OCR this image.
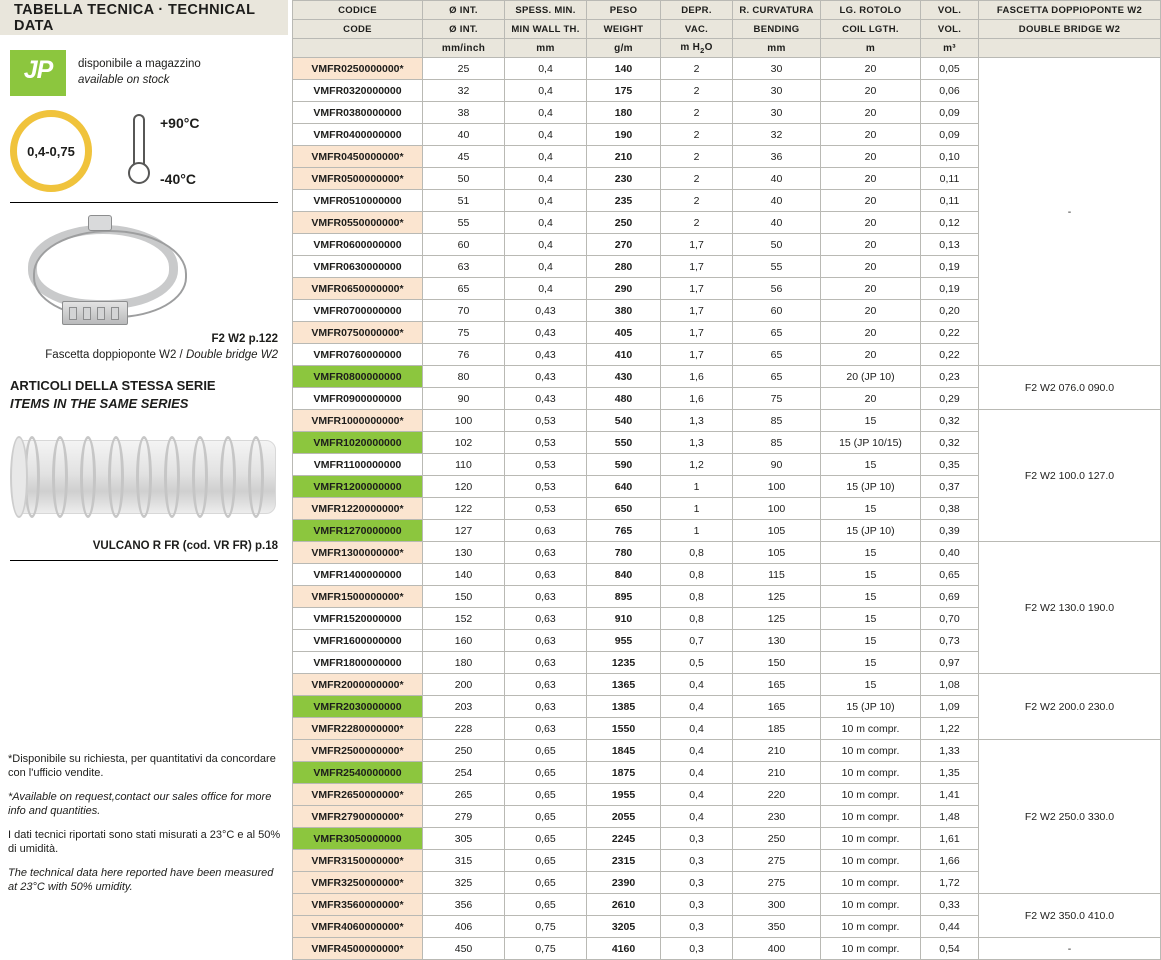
TABELLA TECNICA · TECHNICAL DATA
JP	disponibile a magazzino
available on stock
0,4-0,75
+90°C
-40°C
F2 W2 p.122
Fascetta doppioponte W2 / Double bridge W2
ARTICOLI DELLA STESSA SERIE
ITEMS IN THE SAME SERIES
VULCANO R FR (cod. VR FR) p.18

*Disponibile su richiesta, per quantitativi da concordare con l'ufficio vendite.

*Available on request,contact our sales office for more info and quantities.

I dati tecnici riportati sono stati misurati a 23°C e al 50% di umidità.

The technical data here reported have been measured at 23°C with 50% umidity.

CODICE	Ø INT.	SPESS. MIN.	PESO	DEPR.	R. CURVATURA	LG. ROTOLO	VOL.	FASCETTA DOPPIOPONTE W2
CODE	Ø INT.	MIN WALL TH.	WEIGHT	VAC.	BENDING	COIL LGTH.	VOL.	DOUBLE BRIDGE W2
	mm/inch	mm	g/m	m $H_2O$	mm	m	m³	
VMFR0250000000*	25	0,4	140	2	30	20	0,05	-
VMFR0320000000	32	0,4	175	2	30	20	0,06	
VMFR0380000000	38	0,4	180	2	30	20	0,09	
VMFR0400000000	40	0,4	190	2	32	20	0,09	
VMFR0450000000*	45	0,4	210	2	36	20	0,10	
VMFR0500000000*	50	0,4	230	2	40	20	0,11	
VMFR0510000000	51	0,4	235	2	40	20	0,11	
VMFR0550000000*	55	0,4	250	2	40	20	0,12	
VMFR0600000000	60	0,4	270	1,7	50	20	0,13	
VMFR0630000000	63	0,4	280	1,7	55	20	0,19	
VMFR0650000000*	65	0,4	290	1,7	56	20	0,19	
VMFR0700000000	70	0,43	380	1,7	60	20	0,20	
VMFR0750000000*	75	0,43	405	1,7	65	20	0,22	
VMFR0760000000	76	0,43	410	1,7	65	20	0,22	
VMFR0800000000	80	0,43	430	1,6	65	20 (JP 10)	0,23	F2 W2 076.0 090.0
VMFR0900000000	90	0,43	480	1,6	75	20	0,29	
VMFR1000000000*	100	0,53	540	1,3	85	15	0,32	F2 W2 100.0 127.0
VMFR1020000000	102	0,53	550	1,3	85	15 (JP 10/15)	0,32	
VMFR1100000000	110	0,53	590	1,2	90	15	0,35	
VMFR1200000000	120	0,53	640	1	100	15 (JP 10)	0,37	
VMFR1220000000*	122	0,53	650	1	100	15	0,38	
VMFR1270000000	127	0,63	765	1	105	15 (JP 10)	0,39	
VMFR1300000000*	130	0,63	780	0,8	105	15	0,40	F2 W2 130.0 190.0
VMFR1400000000	140	0,63	840	0,8	115	15	0,65	
VMFR1500000000*	150	0,63	895	0,8	125	15	0,69	
VMFR1520000000	152	0,63	910	0,8	125	15	0,70	
VMFR1600000000	160	0,63	955	0,7	130	15	0,73	
VMFR1800000000	180	0,63	1235	0,5	150	15	0,97	
VMFR2000000000*	200	0,63	1365	0,4	165	15	1,08	F2 W2 200.0 230.0
VMFR2030000000	203	0,63	1385	0,4	165	15 (JP 10)	1,09	
VMFR2280000000*	228	0,63	1550	0,4	185	10 m compr.	1,22	
VMFR2500000000*	250	0,65	1845	0,4	210	10 m compr.	1,33	F2 W2 250.0 330.0
VMFR2540000000	254	0,65	1875	0,4	210	10 m compr.	1,35	
VMFR2650000000*	265	0,65	1955	0,4	220	10 m compr.	1,41	
VMFR2790000000*	279	0,65	2055	0,4	230	10 m compr.	1,48	
VMFR3050000000	305	0,65	2245	0,3	250	10 m compr.	1,61	
VMFR3150000000*	315	0,65	2315	0,3	275	10 m compr.	1,66	
VMFR3250000000*	325	0,65	2390	0,3	275	10 m compr.	1,72	
VMFR3560000000*	356	0,65	2610	0,3	300	10 m compr.	0,33	F2 W2 350.0 410.0
VMFR4060000000*	406	0,75	3205	0,3	350	10 m compr.	0,44	
VMFR4500000000*	450	0,75	4160	0,3	400	10 m compr.	0,54	-
